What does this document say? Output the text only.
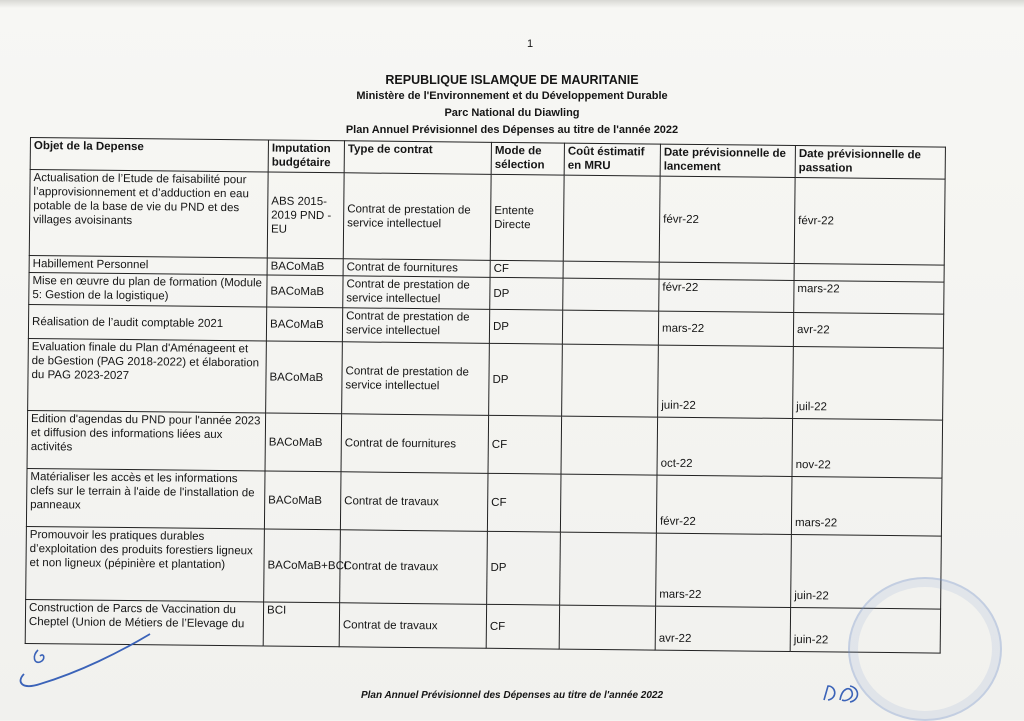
1
REPUBLIQUE ISLAMQUE DE MAURITANIE
Ministère de l'Environnement et du Développement Durable
Parc National du Diawling
Plan Annuel Prévisionnel des Dépenses au titre de l'année 2022
Objet de la Depense	Imputation budgétaire	Type de contrat	Mode de sélection	Coût éstimatif en MRU	Date prévisionnelle de lancement	Date prévisionnelle de passation
Actualisation de l’Etude de faisabilité pour l’approvisionnement et d’adduction en eau potable de la base de vie du PND et des villages avoisinants	ABS 2015-2019 PND - EU	Contrat de prestation de service intellectuel	Entente Directe		févr-22	févr-22
Habillement Personnel	BACoMaB	Contrat de fournitures	CF			
Mise en œuvre du plan de formation (Module 5: Gestion de la logistique)	BACoMaB	Contrat de prestation de service intellectuel	DP		févr-22	mars-22
Réalisation de l’audit comptable 2021	BACoMaB	Contrat de prestation de service intellectuel	DP		mars-22	avr-22
Evaluation finale du Plan d'Aménageent et de bGestion (PAG 2018-2022) et élaboration du PAG 2023-2027	BACoMaB	Contrat de prestation de service intellectuel	DP		juin-22	juil-22
Edition d'agendas du PND pour l'année 2023 et diffusion des informations liées aux activités	BACoMaB	Contrat de fournitures	CF		oct-22	nov-22
Matérialiser les accès et les informations clefs sur le terrain à l'aide de l'installation de panneaux	BACoMaB	Contrat de travaux	CF		févr-22	mars-22
Promouvoir les pratiques durables d’exploitation des produits forestiers ligneux et non ligneux (pépinière et plantation)	BACoMaB+BCI	Contrat de travaux	DP		mars-22	juin-22
Construction de Parcs de Vaccination du Cheptel (Union de Métiers de l’Elevage du	BCI	Contrat de travaux	CF		avr-22	juin-22
Plan Annuel Prévisionnel des Dépenses au titre de l'année 2022
